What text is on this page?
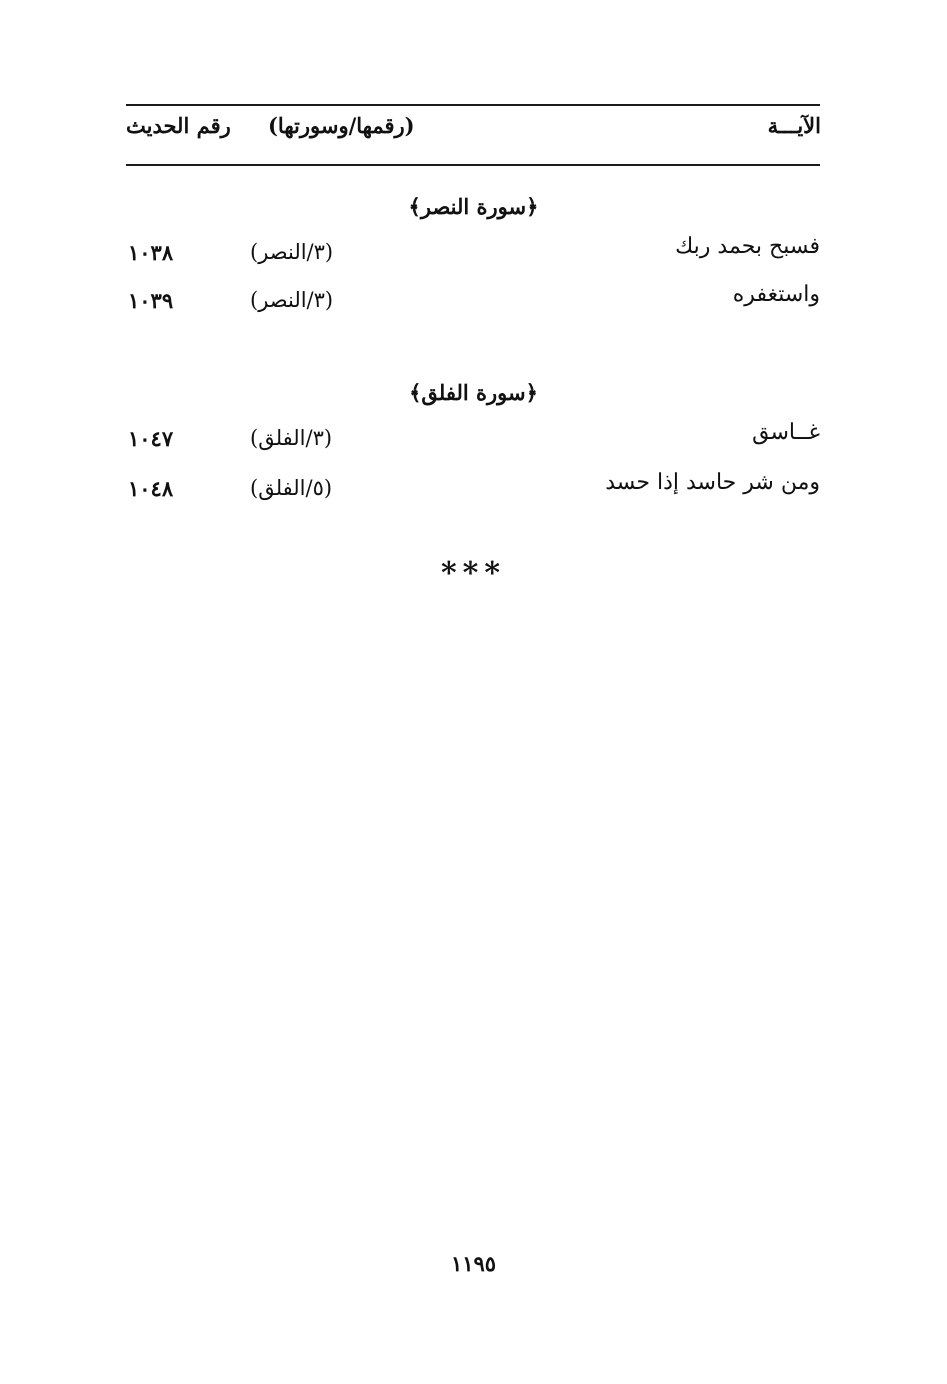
الآيـــة
(رقمها/وسورتها)
رقم الحديث
﴿سورة النصر﴾
فسبح بحمد ربك
(٣/النصر)
١٠٣٨
واستغفره
(٣/النصر)
١٠٣٩
﴿سورة الفلق﴾
غــاسق
(٣/الفلق)
١٠٤٧
ومن شر حاسد إذا حسد
(٥/الفلق)
١٠٤٨
***
١١٩٥
